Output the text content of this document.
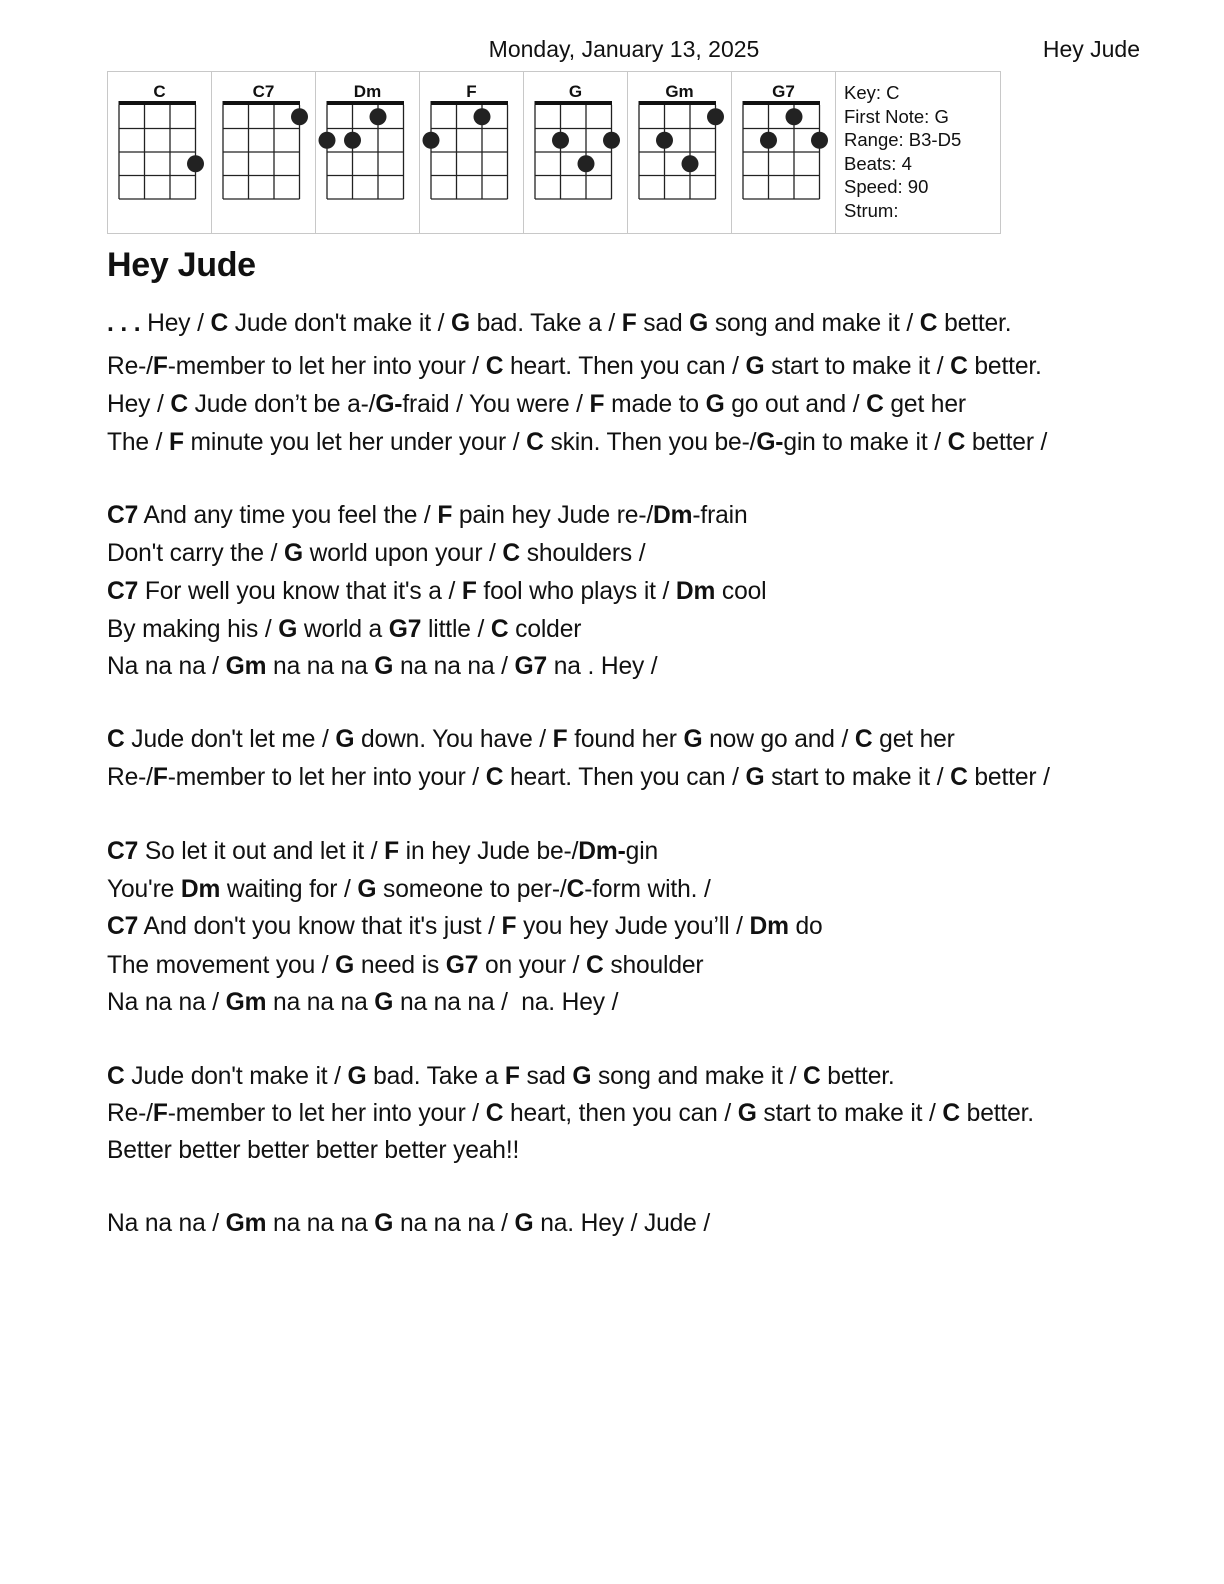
Monday, January 13, 2025	Hey Jude
C	C7	Dm	F	G	Gm	G7	Key: C
First Note: G
Range: B3-D5
Beats: 4
Speed: 90
Strum:
Hey Jude
. . . Hey / C Jude don't make it / G bad. Take a / F sad G song and make it / C better.
Re-/F-member to let her into your / C heart. Then you can / G start to make it / C better.
Hey / C Jude don’t be a-/G-fraid / You were / F made to G go out and / C get her
The / F minute you let her under your / C skin. Then you be-/G-gin to make it / C better /
C7 And any time you feel the / F pain hey Jude re-/Dm-frain
Don't carry the / G world upon your / C shoulders /
C7 For well you know that it's a / F fool who plays it / Dm cool
By making his / G world a G7 little / C colder
Na na na / Gm na na na G na na na / G7 na . Hey /
C Jude don't let me / G down. You have / F found her G now go and / C get her
Re-/F-member to let her into your / C heart. Then you can / G start to make it / C better /
C7 So let it out and let it / F in hey Jude be-/Dm-gin
You're Dm waiting for / G someone to per-/C-form with. /
C7 And don't you know that it's just / F you hey Jude you’ll / Dm do
The movement you / G need is G7 on your / C shoulder
Na na na / Gm na na na G na na na /  na. Hey /
C Jude don't make it / G bad. Take a F sad G song and make it / C better.
Re-/F-member to let her into your / C heart, then you can / G start to make it / C better.
Better better better better better yeah!!
Na na na / Gm na na na G na na na / G na. Hey / Jude /
